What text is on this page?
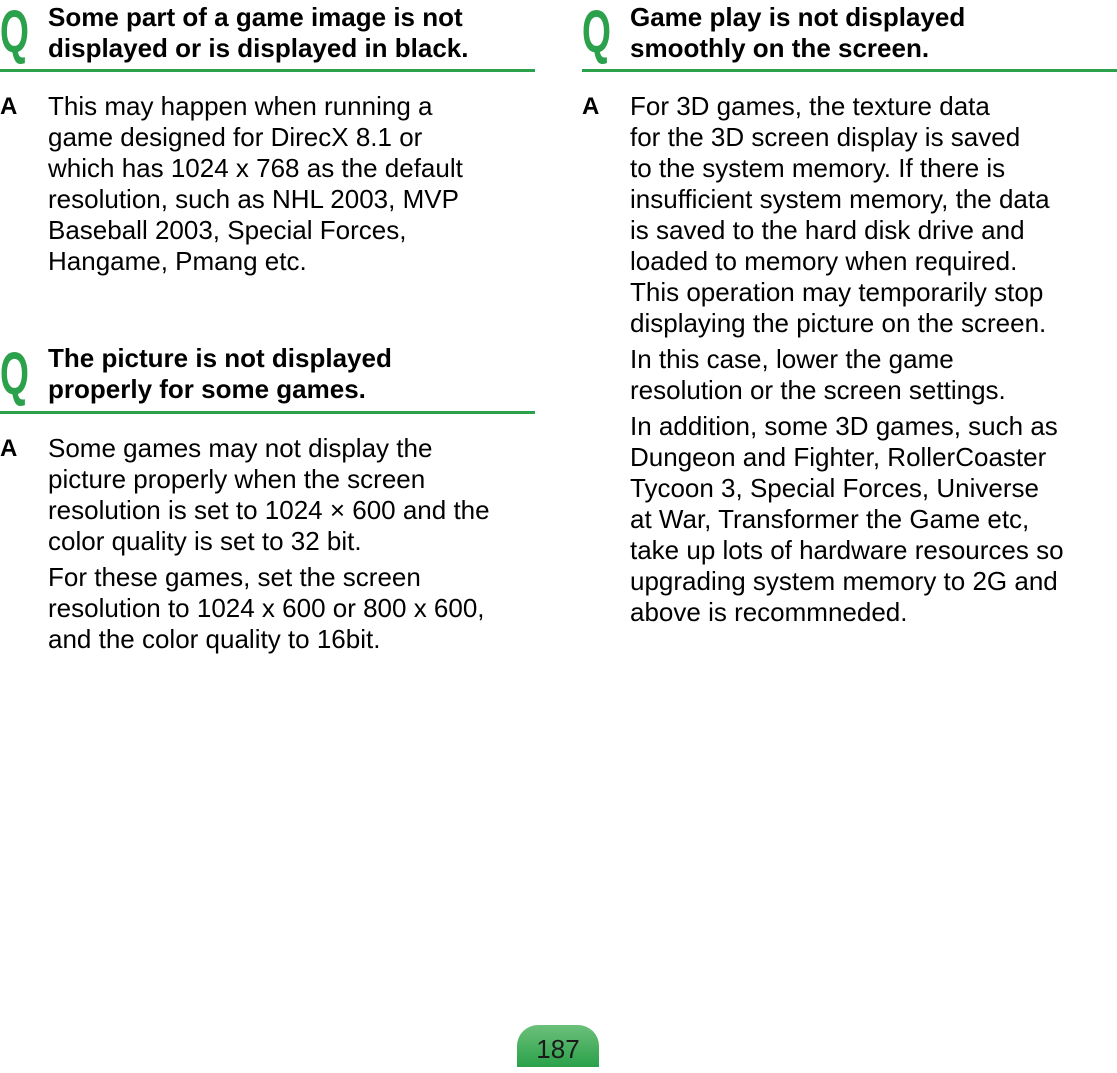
Q Some part of a game image is not
displayed or is displayed in black.
A This may happen when running a
game designed for DirecX 8.1 or
which has 1024 x 768 as the default
resolution, such as NHL 2003, MVP
Baseball 2003, Special Forces,
Hangame, Pmang etc.

Q The picture is not displayed
properly for some games.
A Some games may not display the
picture properly when the screen
resolution is set to 1024 × 600 and the
color quality is set to 32 bit.

For these games, set the screen
resolution to 1024 x 600 or 800 x 600,
and the color quality to 16bit.

Q Game play is not displayed
smoothly on the screen.
A For 3D games, the texture data
for the 3D screen display is saved
to the system memory. If there is
insufficient system memory, the data
is saved to the hard disk drive and
loaded to memory when required.
This operation may temporarily stop
displaying the picture on the screen.

In this case, lower the game
resolution or the screen settings.

In addition, some 3D games, such as
Dungeon and Fighter, RollerCoaster
Tycoon 3, Special Forces, Universe
at War, Transformer the Game etc,
take up lots of hardware resources so
upgrading system memory to 2G and
above is recommneded.

187
